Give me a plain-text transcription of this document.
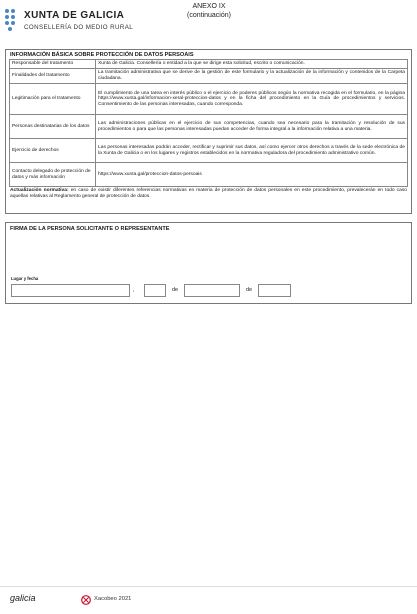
XUNTA DE GALICIA
CONSELLERÍA DO MEDIO RURAL
ANEXO IX
(continuación)
INFORMACIÓN BÁSICA SOBRE PROTECCIÓN DE DATOS PERSOAIS
Responsable del tratamento	Xunta de Galicia. Consellería o entidad a la que se dirige esta solicitud, escrito o comunicación.
Finalidades del tratamento	La tramitación administrativa que se derive de la gestión de este formulario y la actualización de la información y contenidos de la Carpeta ciudadana.
Legitimación para el tratamento	El cumplimiento de una tarea en interés público o el ejercicio de poderes públicos según la normativa recogida en el formulario, en la página https://www.xunta.gal/informacion-xeral-proteccion-datos y en la ficha del procedimiento en la Guía de procedimientos y servicios. Consentimiento de las personas interesadas, cuando corresponda.
Personas destinatarias de los datos	Las administraciones públicas en el ejercicio de sus competencias, cuando sea necesario para la tramitación y resolución de sus procedimientos o para que las personas interesadas puedan acceder de forma integral a la información relativa a una materia.
Ejercicio de derechos	Las personas interesadas podrán acceder, rectificar y suprimir sus datos, así como ejercer otros derechos a través de la sede electrónica de la Xunta de Galicia o en los lugares y registros establecidos en la normativa reguladora del procedimiento administrativo común.
Contacto delegado de protección de datos y más información	https://www.xunta.gal/proteccion-datos-persoais
Actualización normativa: en caso de existir diferentes referencias normativas en materia de protección de datos personales en este procedimiento, prevalecerán en todo caso aquellas relativas al Reglamento general de protección de datos.
FIRMA DE LA PERSONA SOLICITANTE O REPRESENTANTE
Lugar y fecha
,	de	de
galicia	Xacobeo 2021
